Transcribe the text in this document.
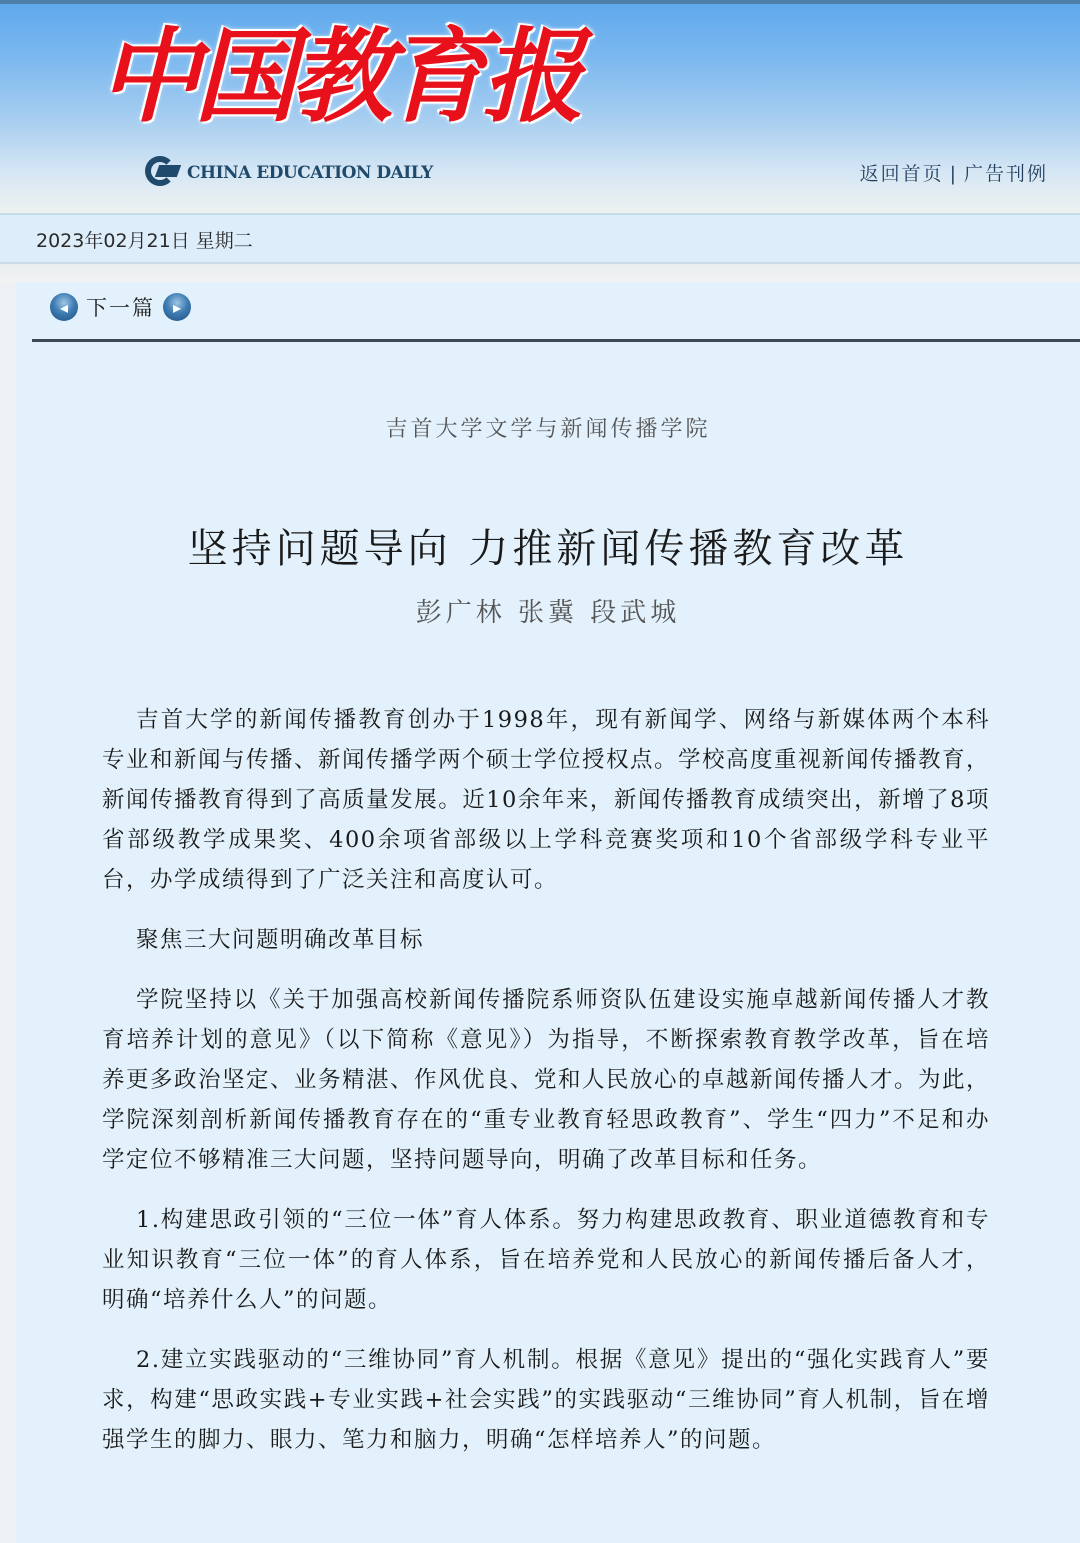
中国教育报
CHINA EDUCATION DAILY	返回首页 | 广告刊例
2023年02月21日 星期二
◂ 下一篇	▸
吉首大学文学与新闻传播学院
坚持问题导向 力推新闻传播教育改革
彭广林 张冀 段武城

吉首大学的新闻传播教育创办于1998年，现有新闻学、网络与新媒体两个本科专业和新闻与传播、新闻传播学两个硕士学位授权点。学校高度重视新闻传播教育，新闻传播教育得到了高质量发展。近10余年来，新闻传播教育成绩突出，新增了8项省部级教学成果奖、400余项省部级以上学科竞赛奖项和10个省部级学科专业平台，办学成绩得到了广泛关注和高度认可。

聚焦三大问题明确改革目标

学院坚持以《关于加强高校新闻传播院系师资队伍建设实施卓越新闻传播人才教育培养计划的意见》（以下简称《意见》）为指导，不断探索教育教学改革，旨在培养更多政治坚定、业务精湛、作风优良、党和人民放心的卓越新闻传播人才。为此，学院深刻剖析新闻传播教育存在的“重专业教育轻思政教育”、学生“四力”不足和办学定位不够精准三大问题，坚持问题导向，明确了改革目标和任务。

1.构建思政引领的“三位一体”育人体系。努力构建思政教育、职业道德教育和专业知识教育“三位一体”的育人体系，旨在培养党和人民放心的新闻传播后备人才，明确“培养什么人”的问题。

2.建立实践驱动的“三维协同”育人机制。根据《意见》提出的“强化实践育人”要求，构建“思政实践+专业实践+社会实践”的实践驱动“三维协同”育人机制，旨在增强学生的脚力、眼力、笔力和脑力，明确“怎样培养人”的问题。
